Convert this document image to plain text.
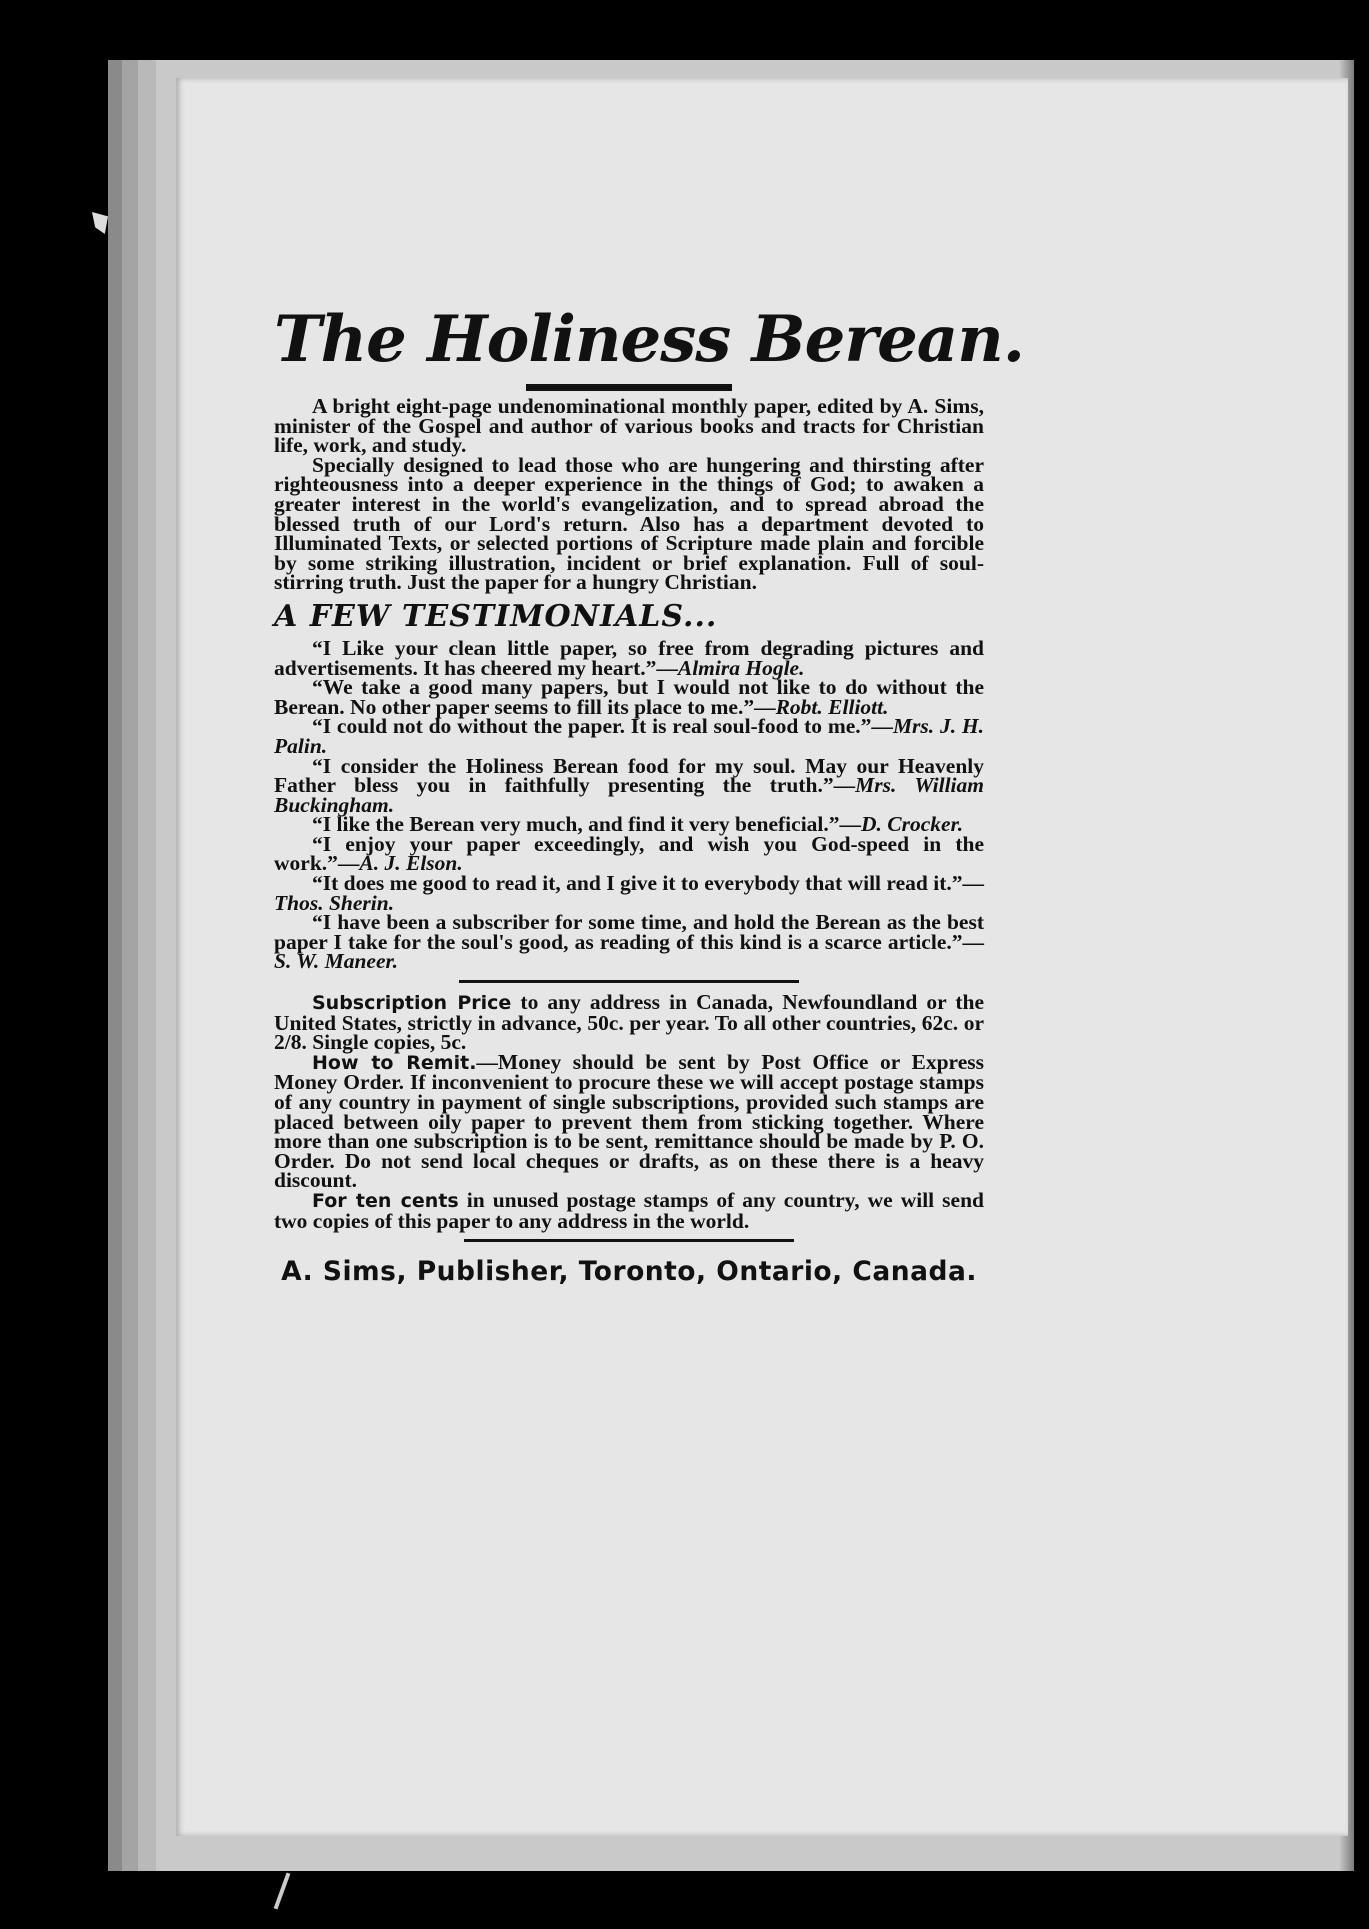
The Holiness Berean.

A bright eight-page undenominational monthly paper, edited by A. Sims, minister of the Gospel and author of various books and tracts for Christian life, work, and study.

Specially designed to lead those who are hungering and thirsting after righteousness into a deeper experience in the things of God; to awaken a greater interest in the world's evangelization, and to spread abroad the blessed truth of our Lord's return. Also has a department devoted to Illuminated Texts, or selected portions of Scripture made plain and forcible by some striking illustration, incident or brief explanation. Full of soul-stirring truth. Just the paper for a hungry Christian.

A FEW TESTIMONIALS...

“I Like your clean little paper, so free from degrading pictures and advertisements. It has cheered my heart.”—Almira Hogle.

“We take a good many papers, but I would not like to do without the Berean. No other paper seems to fill its place to me.”—Robt. Elliott.

“I could not do without the paper. It is real soul-food to me.”—Mrs. J. H. Palin.

“I consider the Holiness Berean food for my soul. May our Heavenly Father bless you in faithfully presenting the truth.”—Mrs. William Buckingham.

“I like the Berean very much, and find it very beneficial.”—D. Crocker.

“I enjoy your paper exceedingly, and wish you God-speed in the work.”—A. J. Elson.

“It does me good to read it, and I give it to everybody that will read it.”—Thos. Sherin.

“I have been a subscriber for some time, and hold the Berean as the best paper I take for the soul's good, as reading of this kind is a scarce article.”—S. W. Maneer.

Subscription Price to any address in Canada, Newfoundland or the United States, strictly in advance, 50c. per year. To all other countries, 62c. or 2/8. Single copies, 5c.

How to Remit.—Money should be sent by Post Office or Express Money Order. If inconvenient to procure these we will accept postage stamps of any country in payment of single subscriptions, provided such stamps are placed between oily paper to prevent them from sticking together. Where more than one subscription is to be sent, remittance should be made by P. O. Order. Do not send local cheques or drafts, as on these there is a heavy discount.

For ten cents in unused postage stamps of any country, we will send two copies of this paper to any address in the world.

A. Sims, Publisher, Toronto, Ontario, Canada.
